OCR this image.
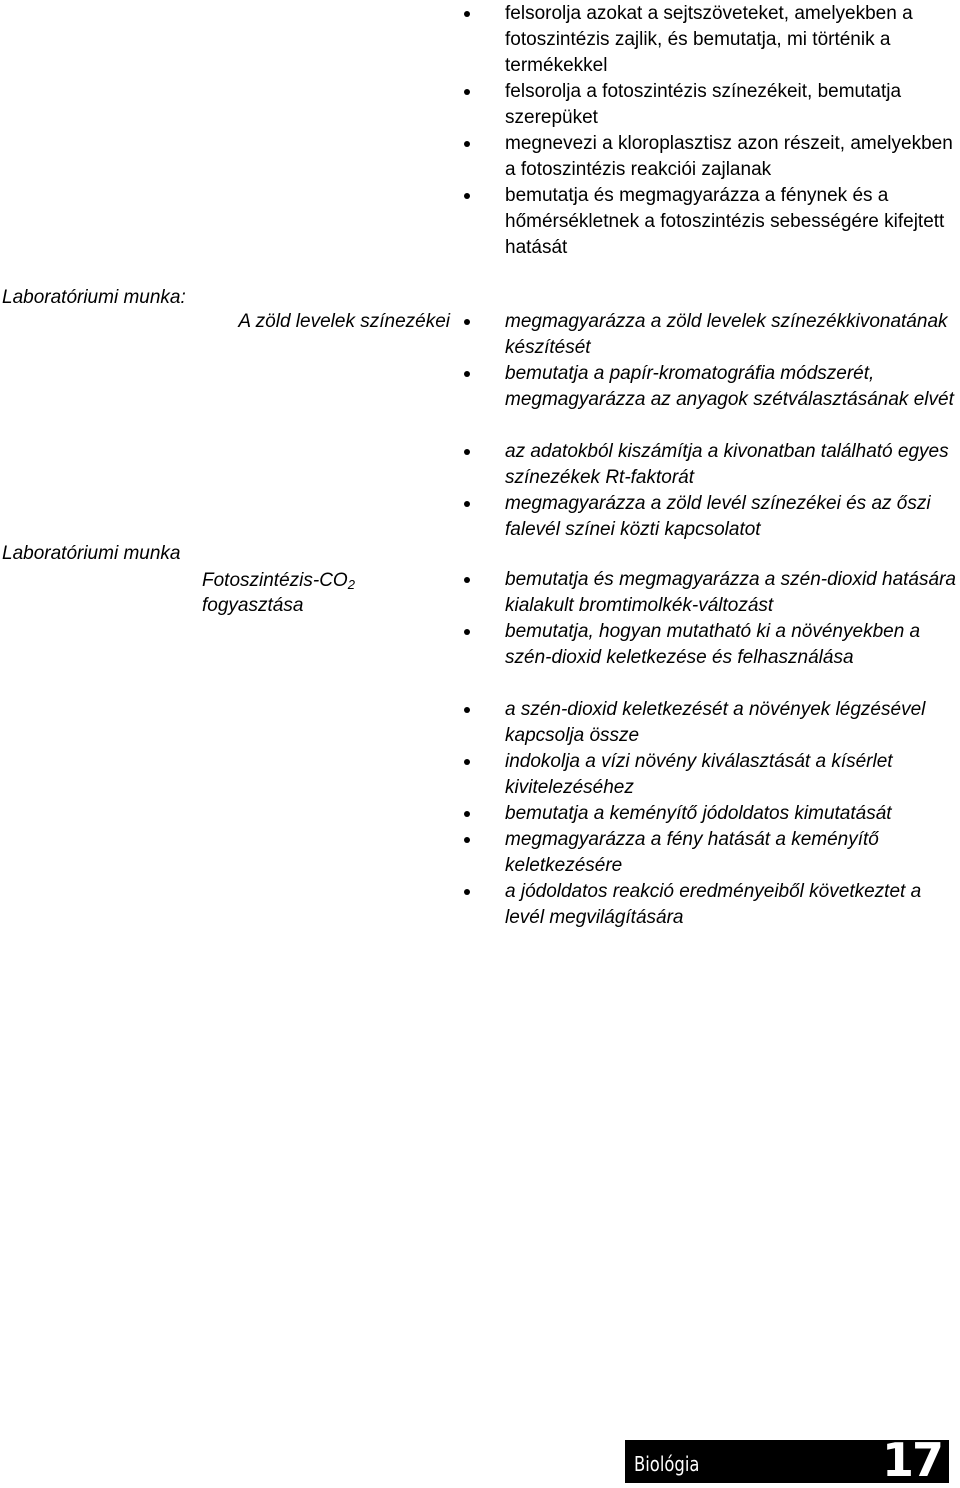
felsorolja azokat a sejtszöveteket, amelyekben a fotoszintézis zajlik, és bemutatja, mi történik a termékekkel
felsorolja a fotoszintézis színezékeit, bemutatja szerepüket
megnevezi a kloroplasztisz azon részeit, amelyekben a fotoszintézis reakciói zajlanak
bemutatja és megmagyarázza a fénynek és a hőmérsékletnek a fotoszintézis sebességére kifejtett hatását
Laboratóriumi munka:
A zöld levelek színezékei	megmagyarázza a zöld levelek színezékkivonatának készítését
bemutatja a papír-kromatográfia módszerét, megmagyarázza az anyagok szétválasztásának elvét
az adatokból kiszámítja a kivonatban található egyes színezékek Rt-faktorát
megmagyarázza a zöld levél színezékei és az őszi falevél színei közti kapcsolatot
Laboratóriumi munka
Fotoszintézis-$CO_2$
fogyasztása
bemutatja és megmagyarázza a szén-dioxid hatására kialakult bromtimolkék-változást
bemutatja, hogyan mutatható ki a növényekben a szén-dioxid keletkezése és felhasználása
a szén-dioxid keletkezését a növények légzésével kapcsolja össze
indokolja a vízi növény kiválasztását a kísérlet kivitelezéséhez
bemutatja a keményítő jódoldatos kimutatását
megmagyarázza a fény hatását a keményítő keletkezésére
a jódoldatos reakció eredményeiből következtet a levél megvilágítására
Biológia	17
